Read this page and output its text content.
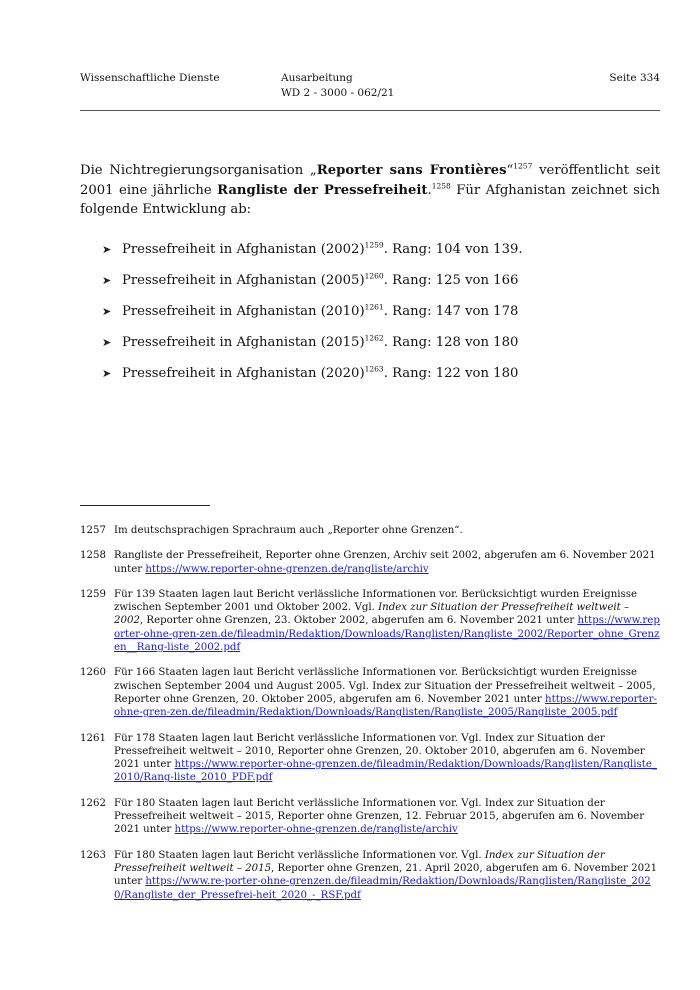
Wissenschaftliche Dienste	Ausarbeitung
WD 2 - 3000 - 062/21
Seite 334

Die Nichtregierungsorganisation „Reporter sans Frontières“$^{1257}$ veröffentlicht seit 2001 eine jährliche Rangliste der Pressefreiheit.$^{1258}$ Für Afghanistan zeichnet sich folgende Entwicklung ab:

➤ Pressefreiheit in Afghanistan $(2002)^{1259}$. Rang: 104 von 139.
➤ Pressefreiheit in Afghanistan $(2005)^{1260}$. Rang: 125 von 166
➤ Pressefreiheit in Afghanistan $(2010)^{1261}$. Rang: 147 von 178
➤ Pressefreiheit in Afghanistan $(2015)^{1262}$. Rang: 128 von 180
➤ Pressefreiheit in Afghanistan $(2020)^{1263}$. Rang: 122 von 180
1257 Im deutschsprachigen Sprachraum auch „Reporter ohne Grenzen“.
1258 Rangliste der Pressefreiheit, Reporter ohne Grenzen, Archiv seit 2002, abgerufen am 6. November 2021 unter https://www.reporter-ohne-grenzen.de/rangliste/archiv
1259 Für 139 Staaten lagen laut Bericht verlässliche Informationen vor. Berücksichtigt wurden Ereignisse zwischen September 2001 und Oktober 2002. Vgl. Index zur Situation der Pressefreiheit weltweit – 2002, Reporter ohne Grenzen, 23. Oktober 2002, abgerufen am 6. November 2021 unter https://www.reporter-ohne-gren-zen.de/fileadmin/Redaktion/Downloads/Ranglisten/Rangliste_2002/Reporter_ohne_Grenzen__Rang-liste_2002.pdf
1260 Für 166 Staaten lagen laut Bericht verlässliche Informationen vor. Berücksichtigt wurden Ereignisse zwischen September 2004 und August 2005. Vgl. Index zur Situation der Pressefreiheit weltweit – 2005, Reporter ohne Grenzen, 20. Oktober 2005, abgerufen am 6. November 2021 unter https://www.reporter-ohne-gren-zen.de/fileadmin/Redaktion/Downloads/Ranglisten/Rangliste_2005/Rangliste_2005.pdf
1261 Für 178 Staaten lagen laut Bericht verlässliche Informationen vor. Vgl. Index zur Situation der Pressefreiheit weltweit – 2010, Reporter ohne Grenzen, 20. Oktober 2010, abgerufen am 6. November 2021 unter https://www.reporter-ohne-grenzen.de/fileadmin/Redaktion/Downloads/Ranglisten/Rangliste_2010/Rang-liste_2010_PDF.pdf
1262 Für 180 Staaten lagen laut Bericht verlässliche Informationen vor. Vgl. Index zur Situation der Pressefreiheit weltweit – 2015, Reporter ohne Grenzen, 12. Februar 2015, abgerufen am 6. November 2021 unter https://www.reporter-ohne-grenzen.de/rangliste/archiv
1263 Für 180 Staaten lagen laut Bericht verlässliche Informationen vor. Vgl. Index zur Situation der Pressefreiheit weltweit – 2015, Reporter ohne Grenzen, 21. April 2020, abgerufen am 6. November 2021 unter https://www.re-porter-ohne-grenzen.de/fileadmin/Redaktion/Downloads/Ranglisten/Rangliste_2020/Rangliste_der_Pressefrei-heit_2020_-_RSF.pdf
